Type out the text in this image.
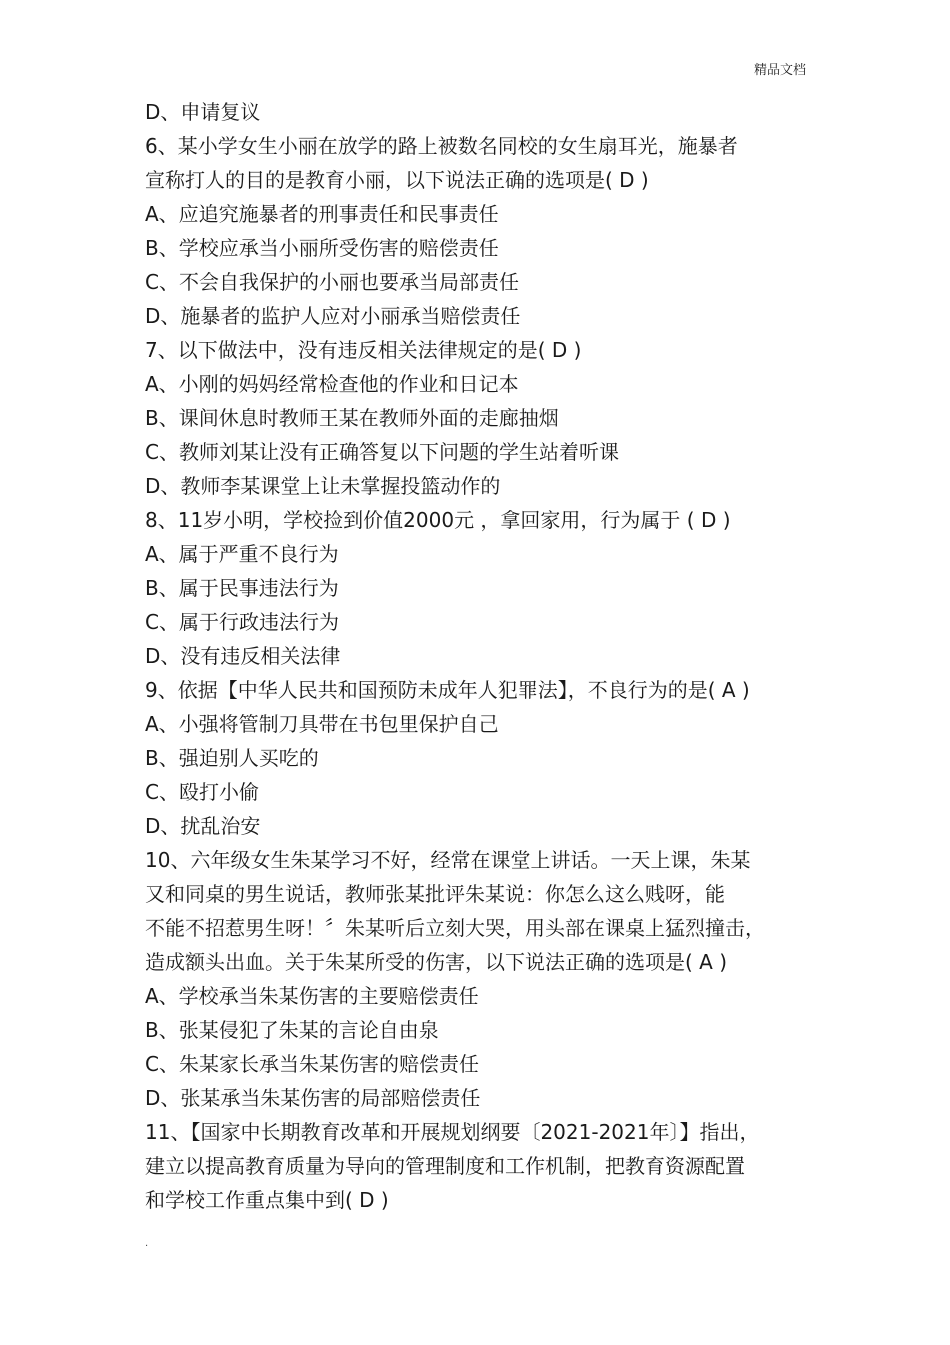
精品文档
D、申请复议
6、某小学女生小丽在放学的路上被数名同校的女生扇耳光，施暴者
宣称打人的目的是教育小丽，以下说法正确的选项是( D )
A、应追究施暴者的刑事责任和民事责任
B、学校应承当小丽所受伤害的赔偿责任
C、不会自我保护的小丽也要承当局部责任
D、施暴者的监护人应对小丽承当赔偿责任
7、以下做法中，没有违反相关法律规定的是( D )
A、小刚的妈妈经常检查他的作业和日记本
B、课间休息时教师王某在教师外面的走廊抽烟
C、教师刘某让没有正确答复以下问题的学生站着听课
D、教师李某课堂上让未掌握投篮动作的
8、11岁小明，学校捡到价值2000元 ，拿回家用，行为属于 ( D )
A、属于严重不良行为
B、属于民事违法行为
C、属于行政违法行为
D、没有违反相关法律
9、依据【中华人民共和国预防未成年人犯罪法】，不良行为的是( A )
A、小强将管制刀具带在书包里保护自己
B、强迫别人买吃的
C、殴打小偷
D、扰乱治安
10、六年级女生朱某学习不好，经常在课堂上讲话。一天上课，朱某
又和同桌的男生说话，教师张某批评朱某说：你怎么这么贱呀，能
不能不招惹男生呀！〞朱某听后立刻大哭，用头部在课桌上猛烈撞击，
造成额头出血。关于朱某所受的伤害，以下说法正确的选项是( A )
A、学校承当朱某伤害的主要赔偿责任
B、张某侵犯了朱某的言论自由泉
C、朱某家长承当朱某伤害的赔偿责任
D、张某承当朱某伤害的局部赔偿责任
11、【国家中长期教育改革和开展规划纲要〔2021-2021年〕】指出，
建立以提高教育质量为导向的管理制度和工作机制，把教育资源配置
和学校工作重点集中到( D )
.
